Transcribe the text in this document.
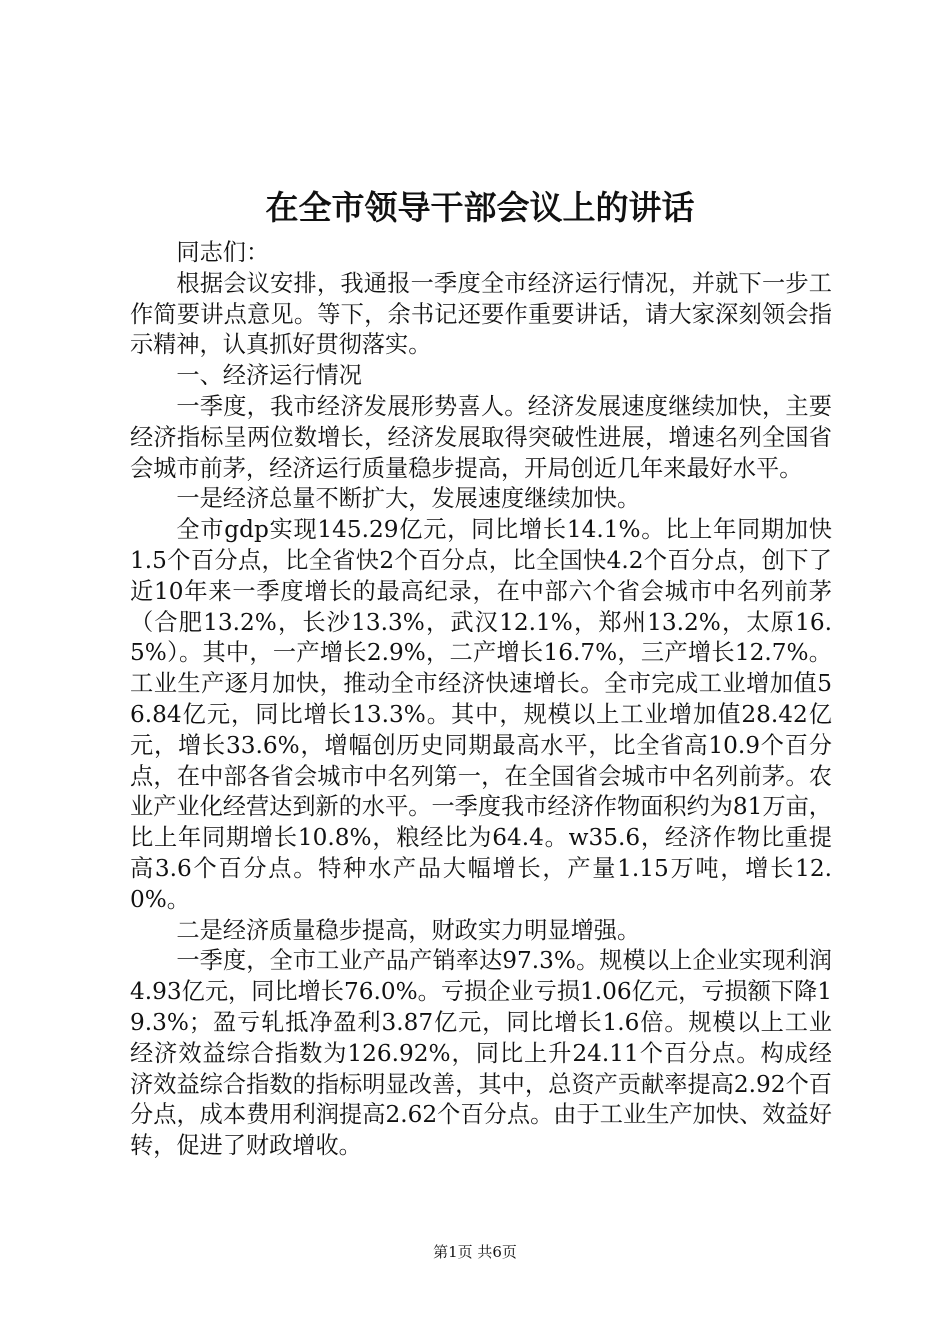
在全市领导干部会议上的讲话

同志们：

根据会议安排，我通报一季度全市经济运行情况，并就下一步工作简要讲点意见。等下，余书记还要作重要讲话，请大家深刻领会指示精神，认真抓好贯彻落实。

一、经济运行情况

一季度，我市经济发展形势喜人。经济发展速度继续加快，主要经济指标呈两位数增长，经济发展取得突破性进展，增速名列全国省会城市前茅，经济运行质量稳步提高，开局创近几年来最好水平。

一是经济总量不断扩大，发展速度继续加快。

全市gdp实现145.29亿元，同比增长14.1%。比上年同期加快1.5个百分点，比全省快2个百分点，比全国快4.2个百分点，创下了近10年来一季度增长的最高纪录，在中部六个省会城市中名列前茅（合肥13.2%，长沙13.3%，武汉12.1%，郑州13.2%，太原16.5%）。其中，一产增长2.9%，二产增长16.7%，三产增长12.7%。工业生产逐月加快，推动全市经济快速增长。全市完成工业增加值56.84亿元，同比增长13.3%。其中，规模以上工业增加值28.42亿元，增长33.6%，增幅创历史同期最高水平，比全省高10.9个百分点，在中部各省会城市中名列第一，在全国省会城市中名列前茅。农业产业化经营达到新的水平。一季度我市经济作物面积约为81万亩，比上年同期增长10.8%，粮经比为64.4。w35.6，经济作物比重提高3.6个百分点。特种水产品大幅增长，产量1.15万吨，增长12.0%。

二是经济质量稳步提高，财政实力明显增强。

一季度，全市工业产品产销率达97.3%。规模以上企业实现利润4.93亿元，同比增长76.0%。亏损企业亏损1.06亿元，亏损额下降19.3%；盈亏轧抵净盈利3.87亿元，同比增长1.6倍。规模以上工业经济效益综合指数为126.92%，同比上升24.11个百分点。构成经济效益综合指数的指标明显改善，其中，总资产贡献率提高2.92个百分点，成本费用利润提高2.62个百分点。由于工业生产加快、效益好转，促进了财政增收。

第1页 共6页
